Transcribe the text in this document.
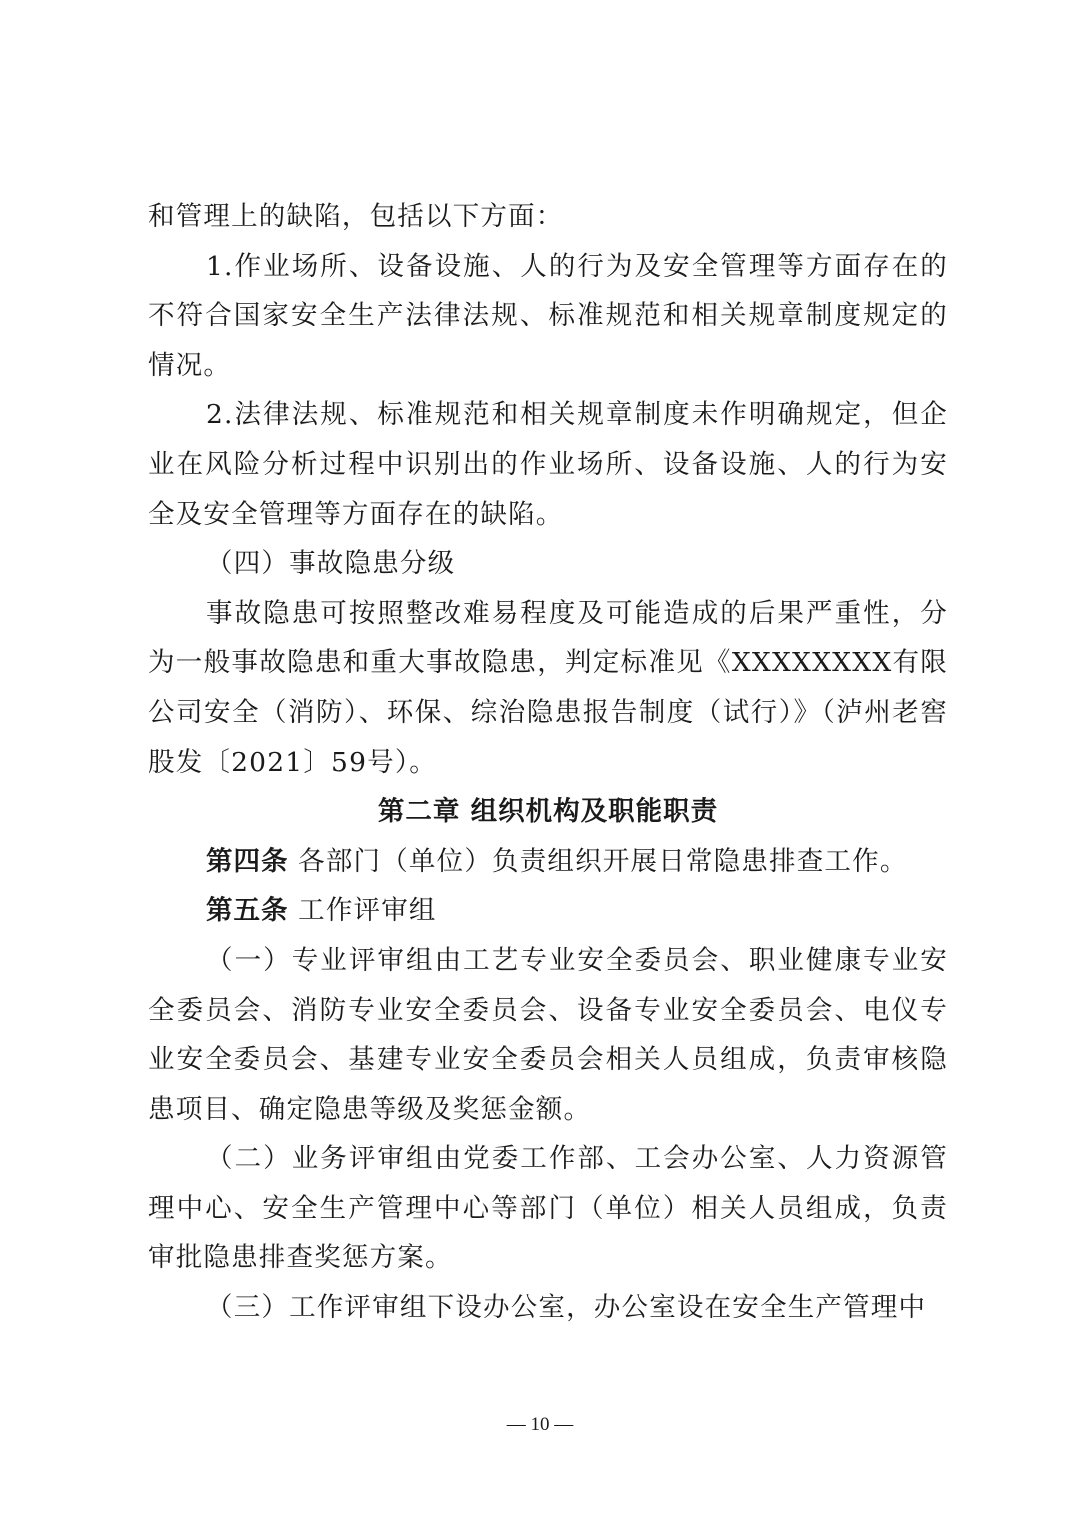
和管理上的缺陷，包括以下方面：

1.作业场所、设备设施、人的行为及安全管理等方面存在的不符合国家安全生产法律法规、标准规范和相关规章制度规定的情况。

2.法律法规、标准规范和相关规章制度未作明确规定，但企业在风险分析过程中识别出的作业场所、设备设施、人的行为安全及安全管理等方面存在的缺陷。

（四）事故隐患分级

事故隐患可按照整改难易程度及可能造成的后果严重性，分为一般事故隐患和重大事故隐患，判定标准见《XXXXXXXX有限公司安全（消防）、环保、综治隐患报告制度（试行）》（泸州老窖股发〔2021〕59号）。

第二章 组织机构及职能职责

第四条 各部门（单位）负责组织开展日常隐患排查工作。

第五条 工作评审组

（一）专业评审组由工艺专业安全委员会、职业健康专业安全委员会、消防专业安全委员会、设备专业安全委员会、电仪专业安全委员会、基建专业安全委员会相关人员组成，负责审核隐患项目、确定隐患等级及奖惩金额。

（二）业务评审组由党委工作部、工会办公室、人力资源管理中心、安全生产管理中心等部门（单位）相关人员组成，负责审批隐患排查奖惩方案。

（三）工作评审组下设办公室，办公室设在安全生产管理中

— 10 —
